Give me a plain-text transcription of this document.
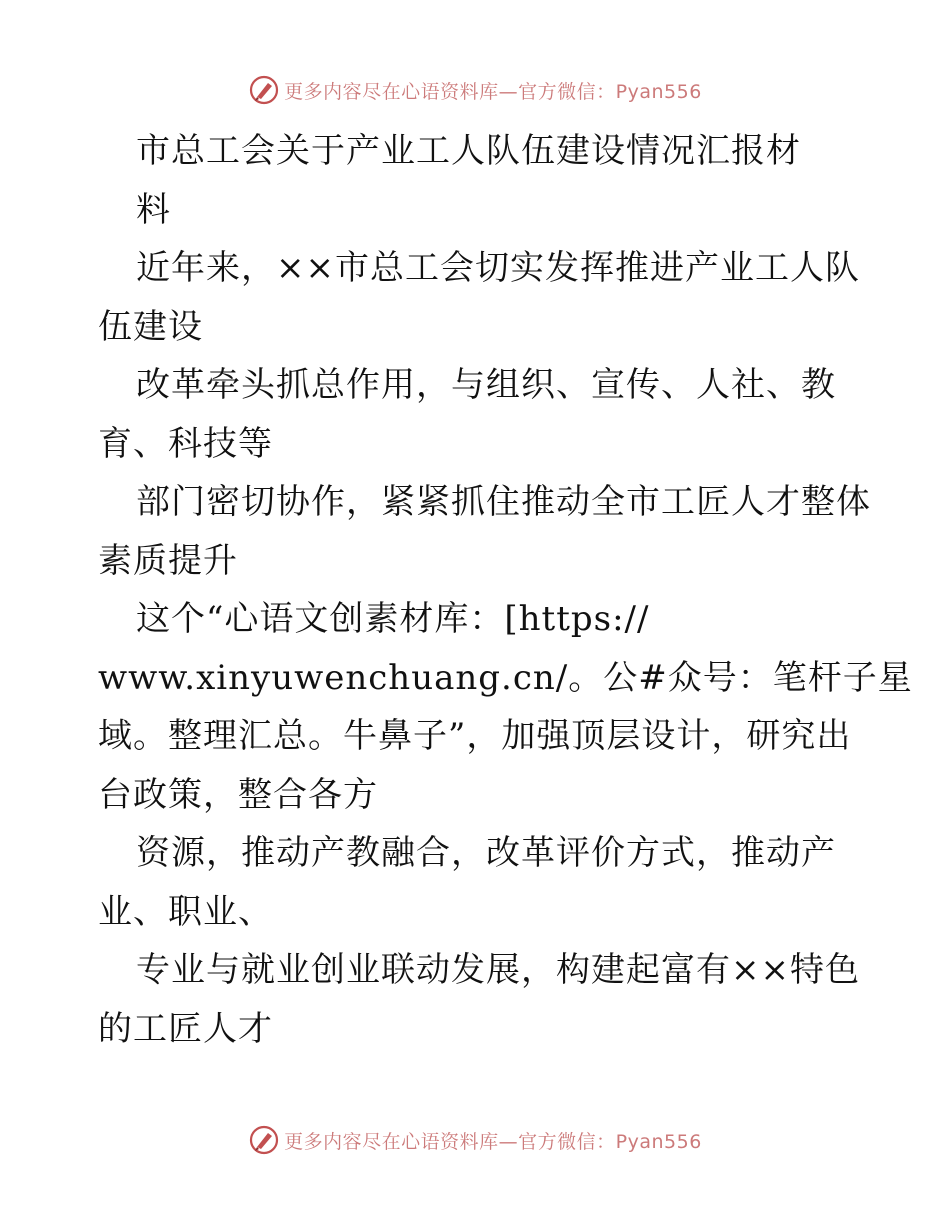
更多内容尽在心语资料库—官方微信：Pyan556
市总工会关于产业工人队伍建设情况汇报材
料
近年来，××市总工会切实发挥推进产业工人队
伍建设
改革牵头抓总作用，与组织、宣传、人社、教
育、科技等
部门密切协作，紧紧抓住推动全市工匠人才整体
素质提升
这个“心语文创素材库：[https://
www.xinyuwenchuang.cn/。公#众号：笔杆子星
域。整理汇总。牛鼻子”，加强顶层设计，研究出
台政策，整合各方
资源，推动产教融合，改革评价方式，推动产
业、职业、
专业与就业创业联动发展，构建起富有××特色
的工匠人才
更多内容尽在心语资料库—官方微信：Pyan556
